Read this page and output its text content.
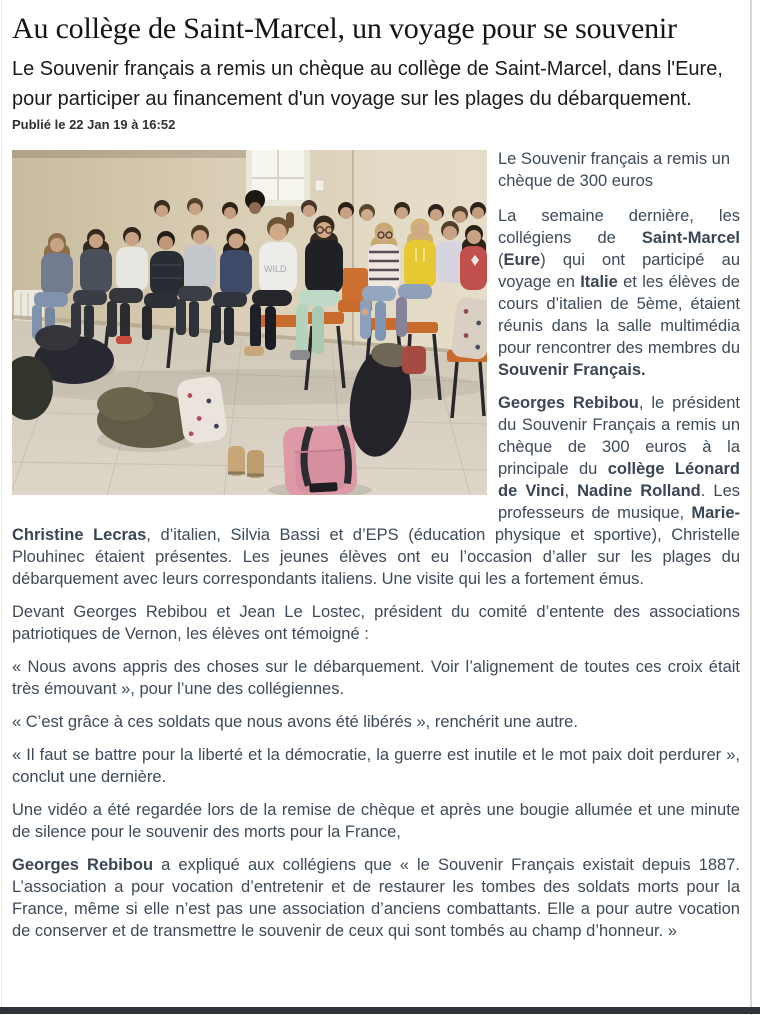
Au collège de Saint-Marcel, un voyage pour se souvenir

Le Souvenir français a remis un chèque au collège de Saint-Marcel, dans l'Eure, pour participer au financement d'un voyage sur les plages du débarquement.

Publié le 22 Jan 19 à 16:52
WILD

Le Souvenir français a remis un chèque de 300 euros

La semaine dernière, les collégiens de Saint-Marcel (Eure) qui ont participé au voyage en Italie et les élèves de cours d’italien de 5ème, étaient réunis dans la salle multimédia pour rencontrer des membres du Souvenir Français.

Georges Rebibou, le président du Souvenir Français a remis un chèque de 300 euros à la principale du collège Léonard de Vinci, Nadine Rolland. Les professeurs de musique, Marie-Christine Lecras, d’italien, Silvia Bassi et d’EPS (éducation physique et sportive), Christelle Plouhinec étaient présentes. Les jeunes élèves ont eu l’occasion d’aller sur les plages du débarquement avec leurs correspondants italiens. Une visite qui les a fortement émus.

Devant Georges Rebibou et Jean Le Lostec, président du comité d’entente des associations patriotiques de Vernon, les élèves ont témoigné :

« Nous avons appris des choses sur le débarquement. Voir l’alignement de toutes ces croix était très émouvant », pour l’une des collégiennes.

« C’est grâce à ces soldats que nous avons été libérés », renchérit une autre.

« Il faut se battre pour la liberté et la démocratie, la guerre est inutile et le mot paix doit perdurer », conclut une dernière.

Une vidéo a été regardée lors de la remise de chèque et après une bougie allumée et une minute de silence pour le souvenir des morts pour la France,

Georges Rebibou a expliqué aux collégiens que « le Souvenir Français existait depuis 1887. L’association a pour vocation d’entretenir et de restaurer les tombes des soldats morts pour la France, même si elle n’est pas une association d’anciens combattants. Elle a pour autre vocation de conserver et de transmettre le souvenir de ceux qui sont tombés au champ d’honneur. »
